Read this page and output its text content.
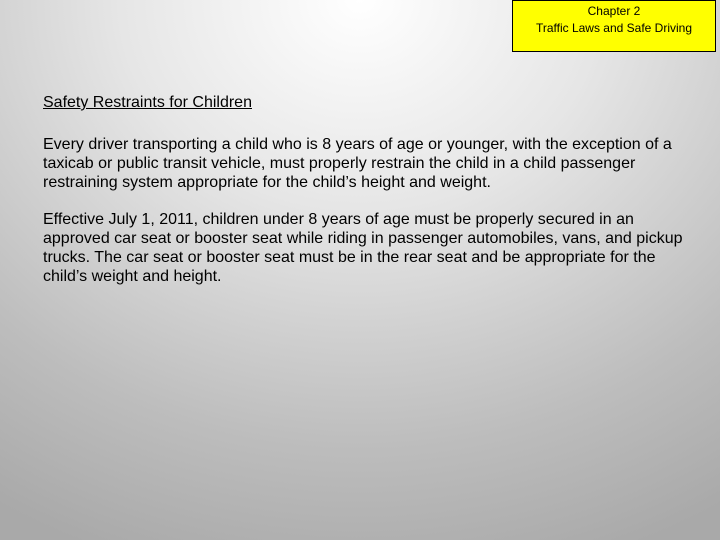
Chapter 2
Traffic Laws and Safe Driving
Safety Restraints for Children

Every driver transporting a child who is 8 years of age or younger, with the exception of a taxicab or public transit vehicle, must properly restrain the child in a child passenger restraining system appropriate for the child’s height and weight.

Effective July 1, 2011, children under 8 years of age must be properly secured in an approved car seat or booster seat while riding in passenger automobiles, vans, and pickup trucks. The car seat or booster seat must be in the rear seat and be appropriate for the child’s weight and height.
